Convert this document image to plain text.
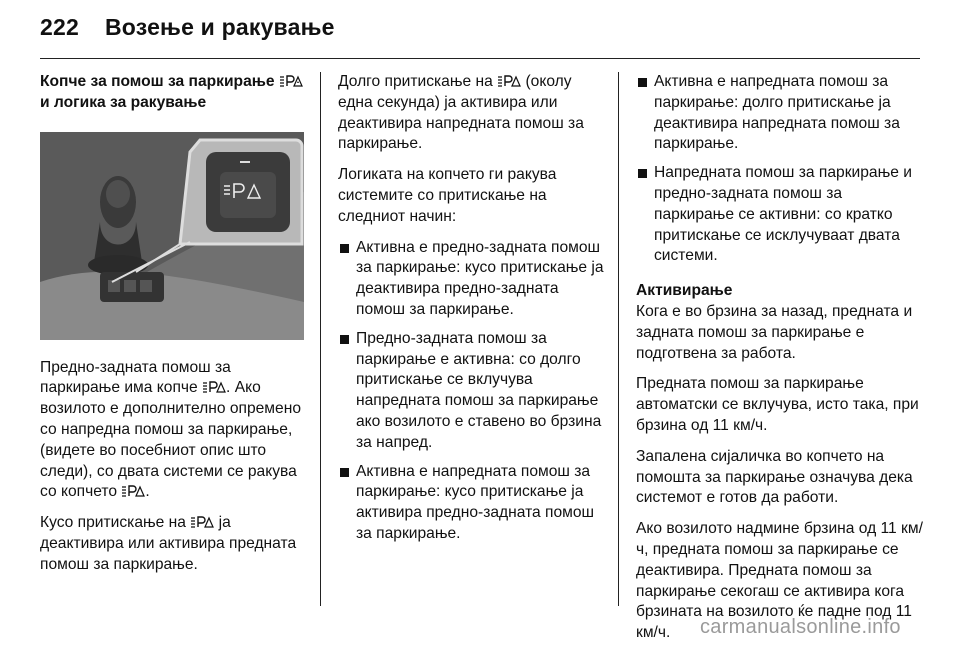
222 Возење и ракување

Копче за помош за паркирање
и логика за ракување

Предно-задната помош за паркирање има копче . Ако возилото е дополнително опремено со напредна помош за паркирање, (видете во посебниот опис што следи), со двата системи се ракува со копчето .

Кусо притискање на ја деактивира или активира предната помош за паркирање.

Долго притискање на (околу една секунда) ја активира или деактивира напредната помош за паркирање.

Логиката на копчето ги ракува системите со притискање на следниот начин:

Активна е предно-задната помош за паркирање: кусо притискање ја деактивира предно-задната помош за паркирање.
Предно-задната помош за паркирање е активна: со долго притискање се вклучува напредната помош за паркирање ако возилото е ставено во брзина за напред.
Активна е напредната помош за паркирање: кусо притискање ја активира предно-задната помош за паркирање.
Активна е напредната помош за паркирање: долго притискање ја деактивира напредната помош за паркирање.
Напредната помош за паркирање и предно-задната помош за паркирање се активни: со кратко притискање се исклучуваат двата системи.

Активирање

Кога е во брзина за назад, предната и задната помош за паркирање е подготвена за работа.

Предната помош за паркирање автоматски се вклучува, исто така, при брзина од 11 км/ч.

Запалена сијаличка во копчето на помошта за паркирање означува дека системот е готов да работи.

Ако возилото надмине брзина од 11 км/ч, предната помош за паркирање се деактивира. Предната помош за паркирање секогаш се активира кога брзината на возилото ќе падне под 11 км/ч.	carmanualsonline.info
